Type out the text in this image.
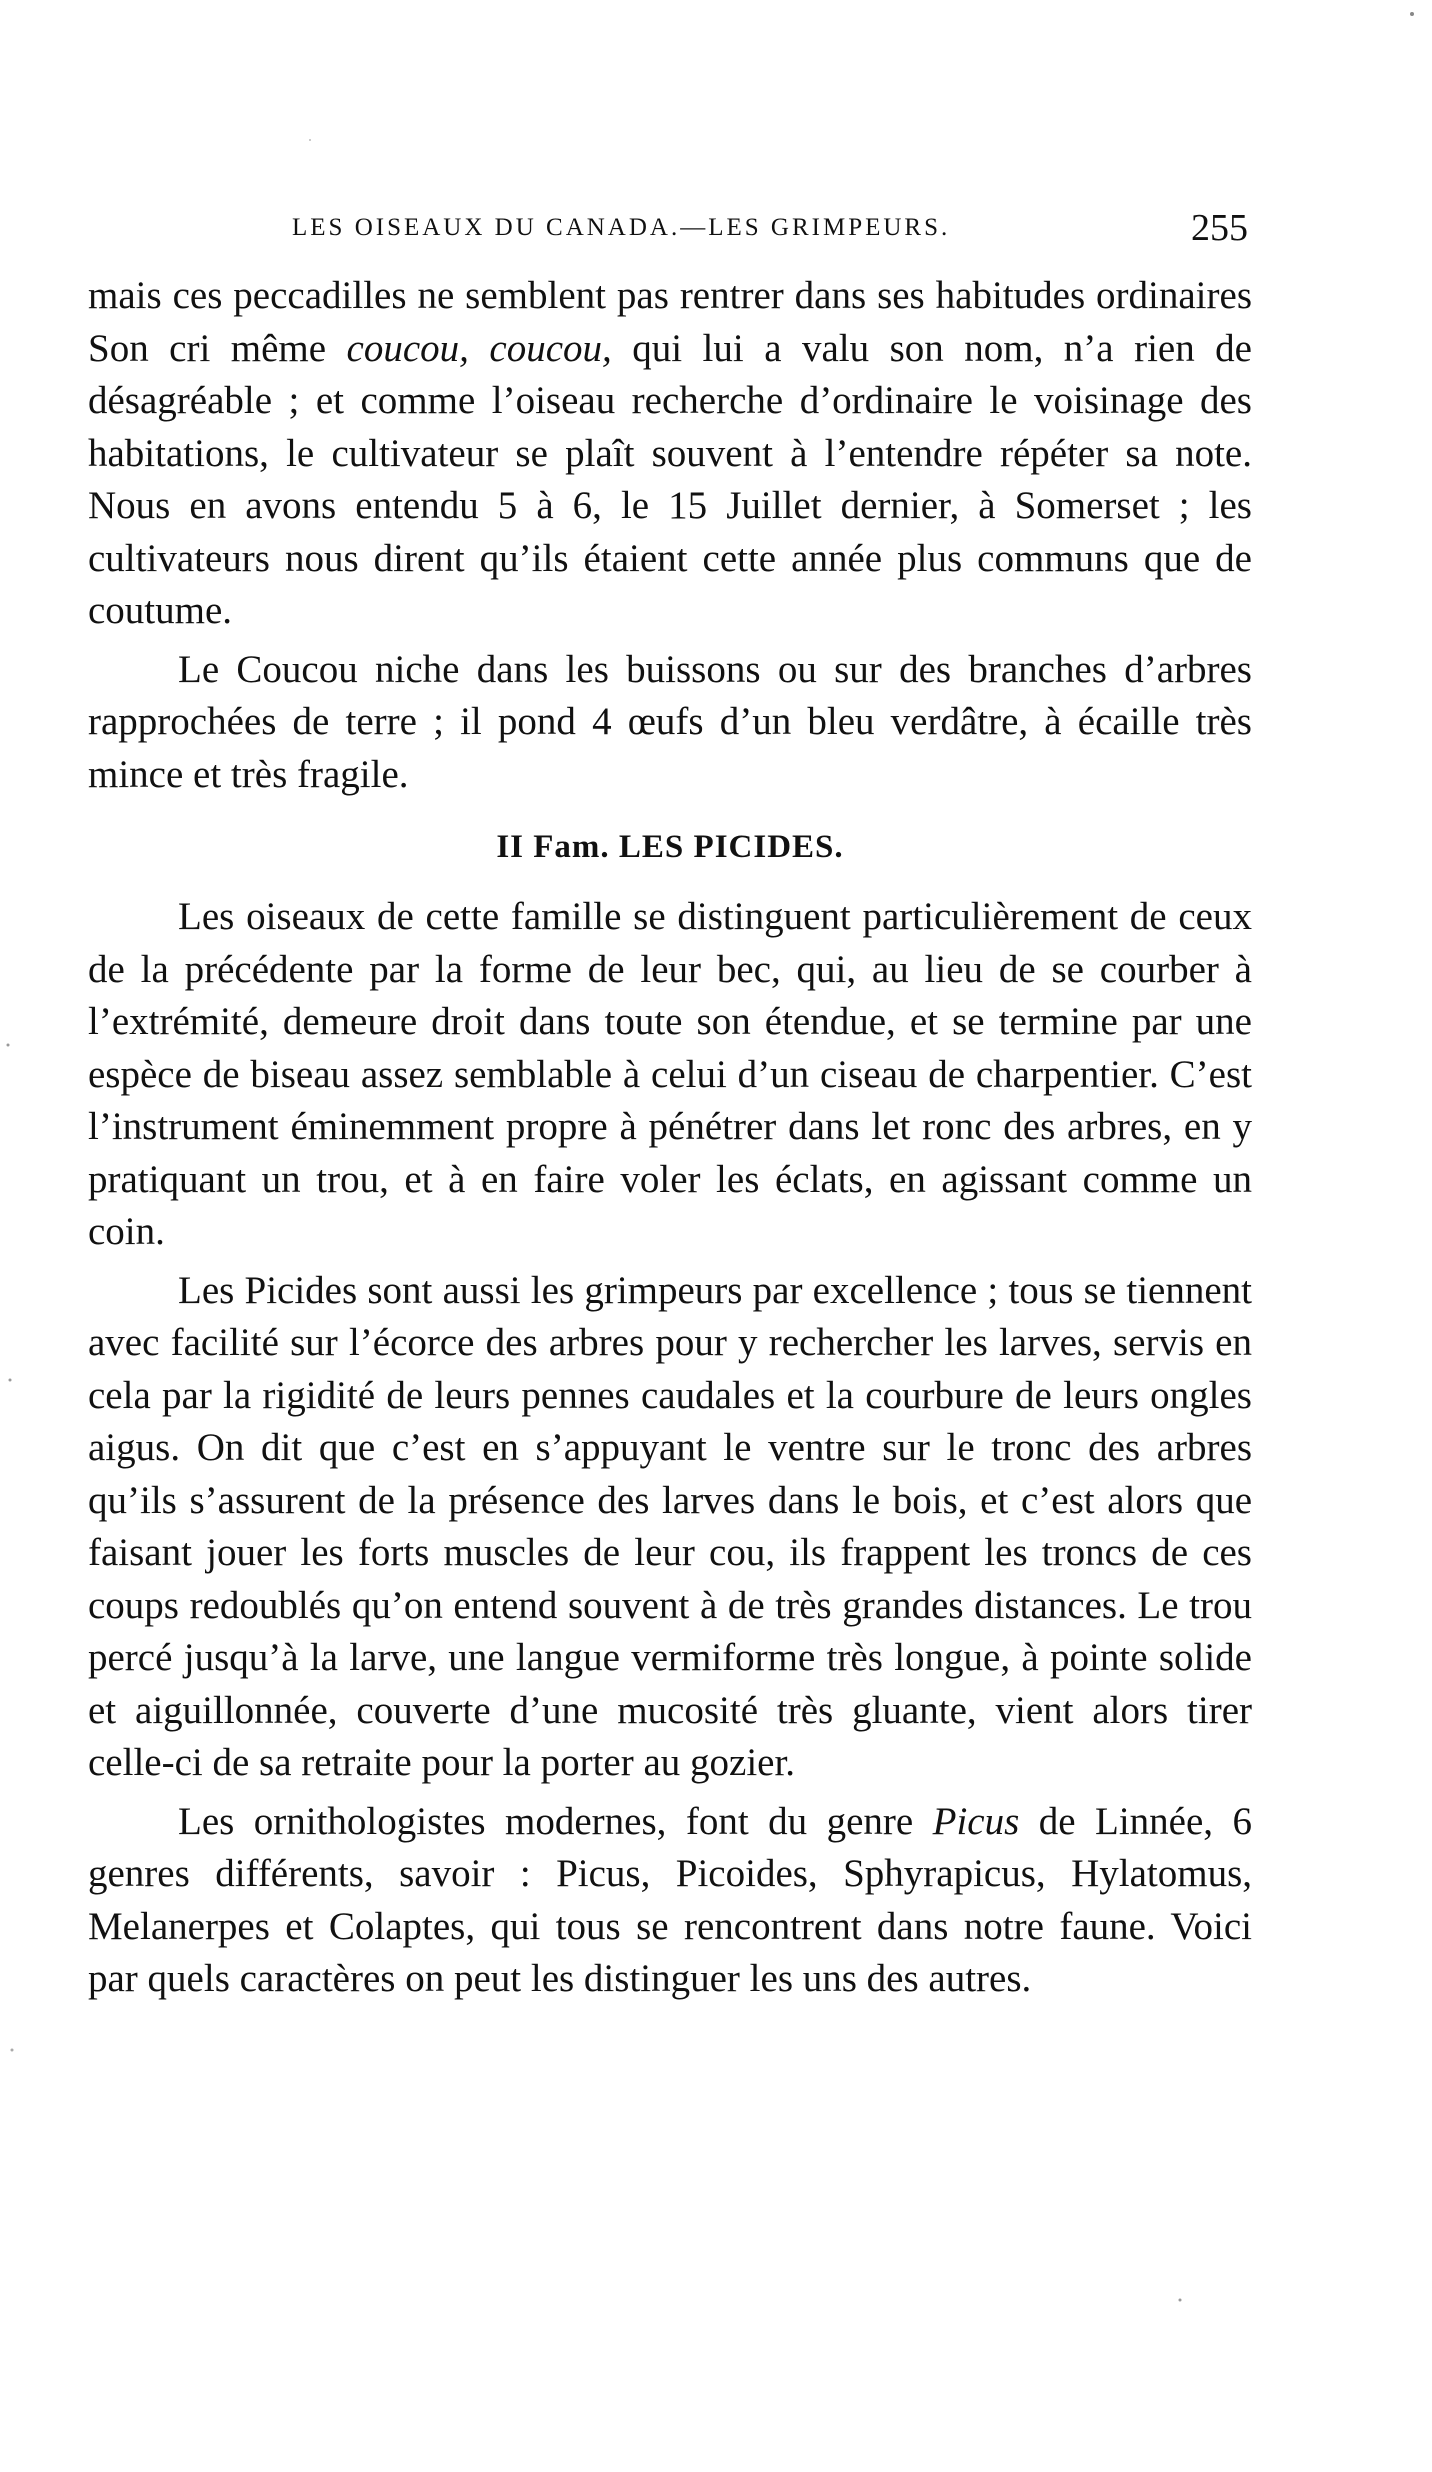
LES OISEAUX DU CANADA.—LES GRIMPEURS.	255

mais ces peccadilles ne semblent pas rentrer dans ses habitudes ordinaires Son cri même coucou, coucou, qui lui a valu son nom, n’a rien de désagréable ; et comme l’oiseau recherche d’ordinaire le voisinage des habitations, le cultivateur se plaît souvent à l’entendre répéter sa note. Nous en avons entendu 5 à 6, le 15 Juillet dernier, à Somerset ; les cultivateurs nous dirent qu’ils étaient cette année plus communs que de coutume.

Le Coucou niche dans les buissons ou sur des branches d’arbres rapprochées de terre ; il pond 4 œufs d’un bleu verdâtre, à écaille très mince et très fragile.

II Fam. LES PICIDES.

Les oiseaux de cette famille se distinguent particulièrement de ceux de la précédente par la forme de leur bec, qui, au lieu de se courber à l’extrémité, demeure droit dans toute son étendue, et se termine par une espèce de biseau assez semblable à celui d’un ciseau de charpentier. C’est l’instrument éminemment propre à pénétrer dans let ronc des arbres, en y pratiquant un trou, et à en faire voler les éclats, en agissant comme un coin.

Les Picides sont aussi les grimpeurs par excellence ; tous se tiennent avec facilité sur l’écorce des arbres pour y rechercher les larves, servis en cela par la rigidité de leurs pennes caudales et la courbure de leurs ongles aigus. On dit que c’est en s’appuyant le ventre sur le tronc des arbres qu’ils s’assurent de la présence des larves dans le bois, et c’est alors que faisant jouer les forts muscles de leur cou, ils frappent les troncs de ces coups redoublés qu’on entend souvent à de très grandes distances. Le trou percé jusqu’à la larve, une langue vermiforme très longue, à pointe solide et aiguillonnée, couverte d’une mucosité très gluante, vient alors tirer celle-ci de sa retraite pour la porter au gozier.

Les ornithologistes modernes, font du genre Picus de Linnée, 6 genres différents, savoir : Picus, Picoides, Sphyrapicus, Hylatomus, Melanerpes et Colaptes, qui tous se rencontrent dans notre faune. Voici par quels caractères on peut les distinguer les uns des autres.
